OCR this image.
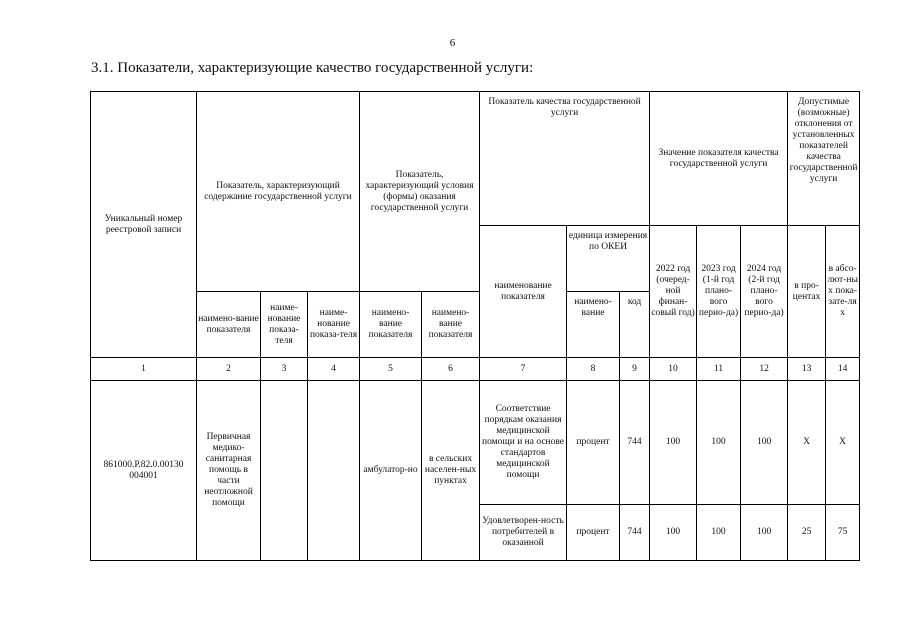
6
3.1. Показатели, характеризующие качество государственной услуги:
Уникальный номер реестровой записи	Показатель, характеризующий содержание государственной услуги			Показатель, характеризующий условия (формы) оказания государственной услуги		Показатель качества государственной услуги			Значение показателя качества государственной услуги			Допустимые (возможные) отклонения от установленных показателей качества государственной услуги	
						наименование показателя	единица измерения по ОКЕИ		2022 год (очеред-ной финан-совый год)	2023 год (1-й год плано-вого перио-да)	2024 год (2-й год плано-вого перио-да)	в про-центах	в абсо-лют-ных пока-зате-лях
	наимено-вание показателя	наиме-нование показа-теля	наиме-нование показа-теля	наимено-вание показателя	наимено-вание показателя		наимено-вание	код					
1	2	3	4	5	6	7	8	9	10	11	12	13	14
861000.Р.82.0.00130 004001	Первичная медико-санитарная помощь в части неотложной помощи			амбулатор-но	в сельских населен-ных пунктах	Соответствие порядкам оказания медицинской помощи и на основе стандартов медицинской помощи	процент	744	100	100	100	X	X
						Удовлетворен-ность потребителей в оказанной	процент	744	100	100	100	25	75
